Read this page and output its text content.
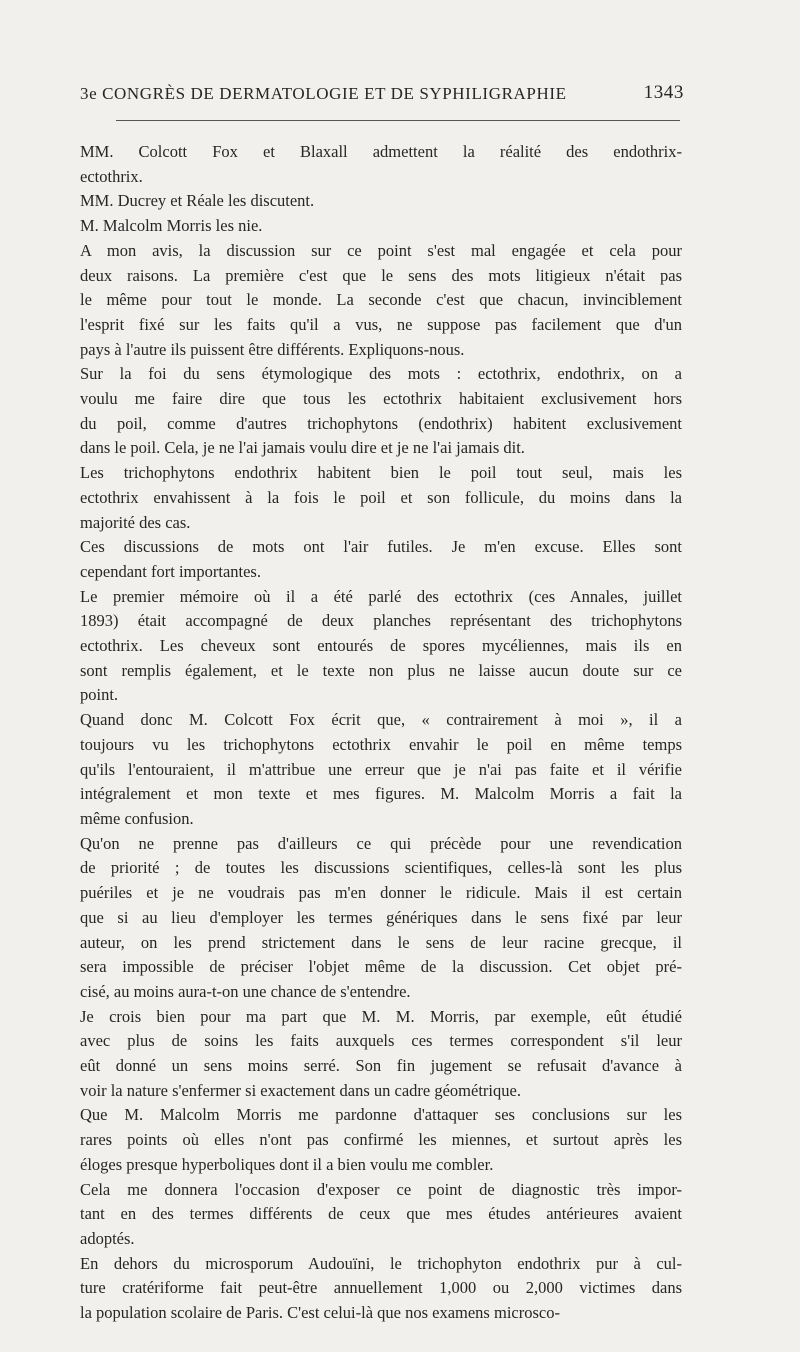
3e CONGRÈS DE DERMATOLOGIE ET DE SYPHILIGRAPHIE	1343

MM. Colcott Fox et Blaxall admettent la réalité des endothrix-
ectothrix.

MM. Ducrey et Réale les discutent.

M. Malcolm Morris les nie.

A mon avis, la discussion sur ce point s'est mal engagée et cela pour
deux raisons. La première c'est que le sens des mots litigieux n'était pas
le même pour tout le monde. La seconde c'est que chacun, invinciblement
l'esprit fixé sur les faits qu'il a vus, ne suppose pas facilement que d'un
pays à l'autre ils puissent être différents. Expliquons-nous.

Sur la foi du sens étymologique des mots : ectothrix, endothrix, on a
voulu me faire dire que tous les ectothrix habitaient exclusivement hors
du poil, comme d'autres trichophytons (endothrix) habitent exclusivement
dans le poil. Cela, je ne l'ai jamais voulu dire et je ne l'ai jamais dit.

Les trichophytons endothrix habitent bien le poil tout seul, mais les
ectothrix envahissent à la fois le poil et son follicule, du moins dans la
majorité des cas.

Ces discussions de mots ont l'air futiles. Je m'en excuse. Elles sont
cependant fort importantes.

Le premier mémoire où il a été parlé des ectothrix (ces Annales, juillet
1893) était accompagné de deux planches représentant des trichophytons
ectothrix. Les cheveux sont entourés de spores mycéliennes, mais ils en
sont remplis également, et le texte non plus ne laisse aucun doute sur ce
point.

Quand donc M. Colcott Fox écrit que, « contrairement à moi », il a
toujours vu les trichophytons ectothrix envahir le poil en même temps
qu'ils l'entouraient, il m'attribue une erreur que je n'ai pas faite et il vérifie
intégralement et mon texte et mes figures. M. Malcolm Morris a fait la
même confusion.

Qu'on ne prenne pas d'ailleurs ce qui précède pour une revendication
de priorité ; de toutes les discussions scientifiques, celles-là sont les plus
puériles et je ne voudrais pas m'en donner le ridicule. Mais il est certain
que si au lieu d'employer les termes génériques dans le sens fixé par leur
auteur, on les prend strictement dans le sens de leur racine grecque, il
sera impossible de préciser l'objet même de la discussion. Cet objet pré-
cisé, au moins aura-t-on une chance de s'entendre.

Je crois bien pour ma part que M. M. Morris, par exemple, eût étudié
avec plus de soins les faits auxquels ces termes correspondent s'il leur
eût donné un sens moins serré. Son fin jugement se refusait d'avance à
voir la nature s'enfermer si exactement dans un cadre géométrique.

Que M. Malcolm Morris me pardonne d'attaquer ses conclusions sur les
rares points où elles n'ont pas confirmé les miennes, et surtout après les
éloges presque hyperboliques dont il a bien voulu me combler.

Cela me donnera l'occasion d'exposer ce point de diagnostic très impor-
tant en des termes différents de ceux que mes études antérieures avaient
adoptés.

En dehors du microsporum Audouïni, le trichophyton endothrix pur à cul-
ture cratériforme fait peut-être annuellement 1,000 ou 2,000 victimes dans
la population scolaire de Paris. C'est celui-là que nos examens microsco-
